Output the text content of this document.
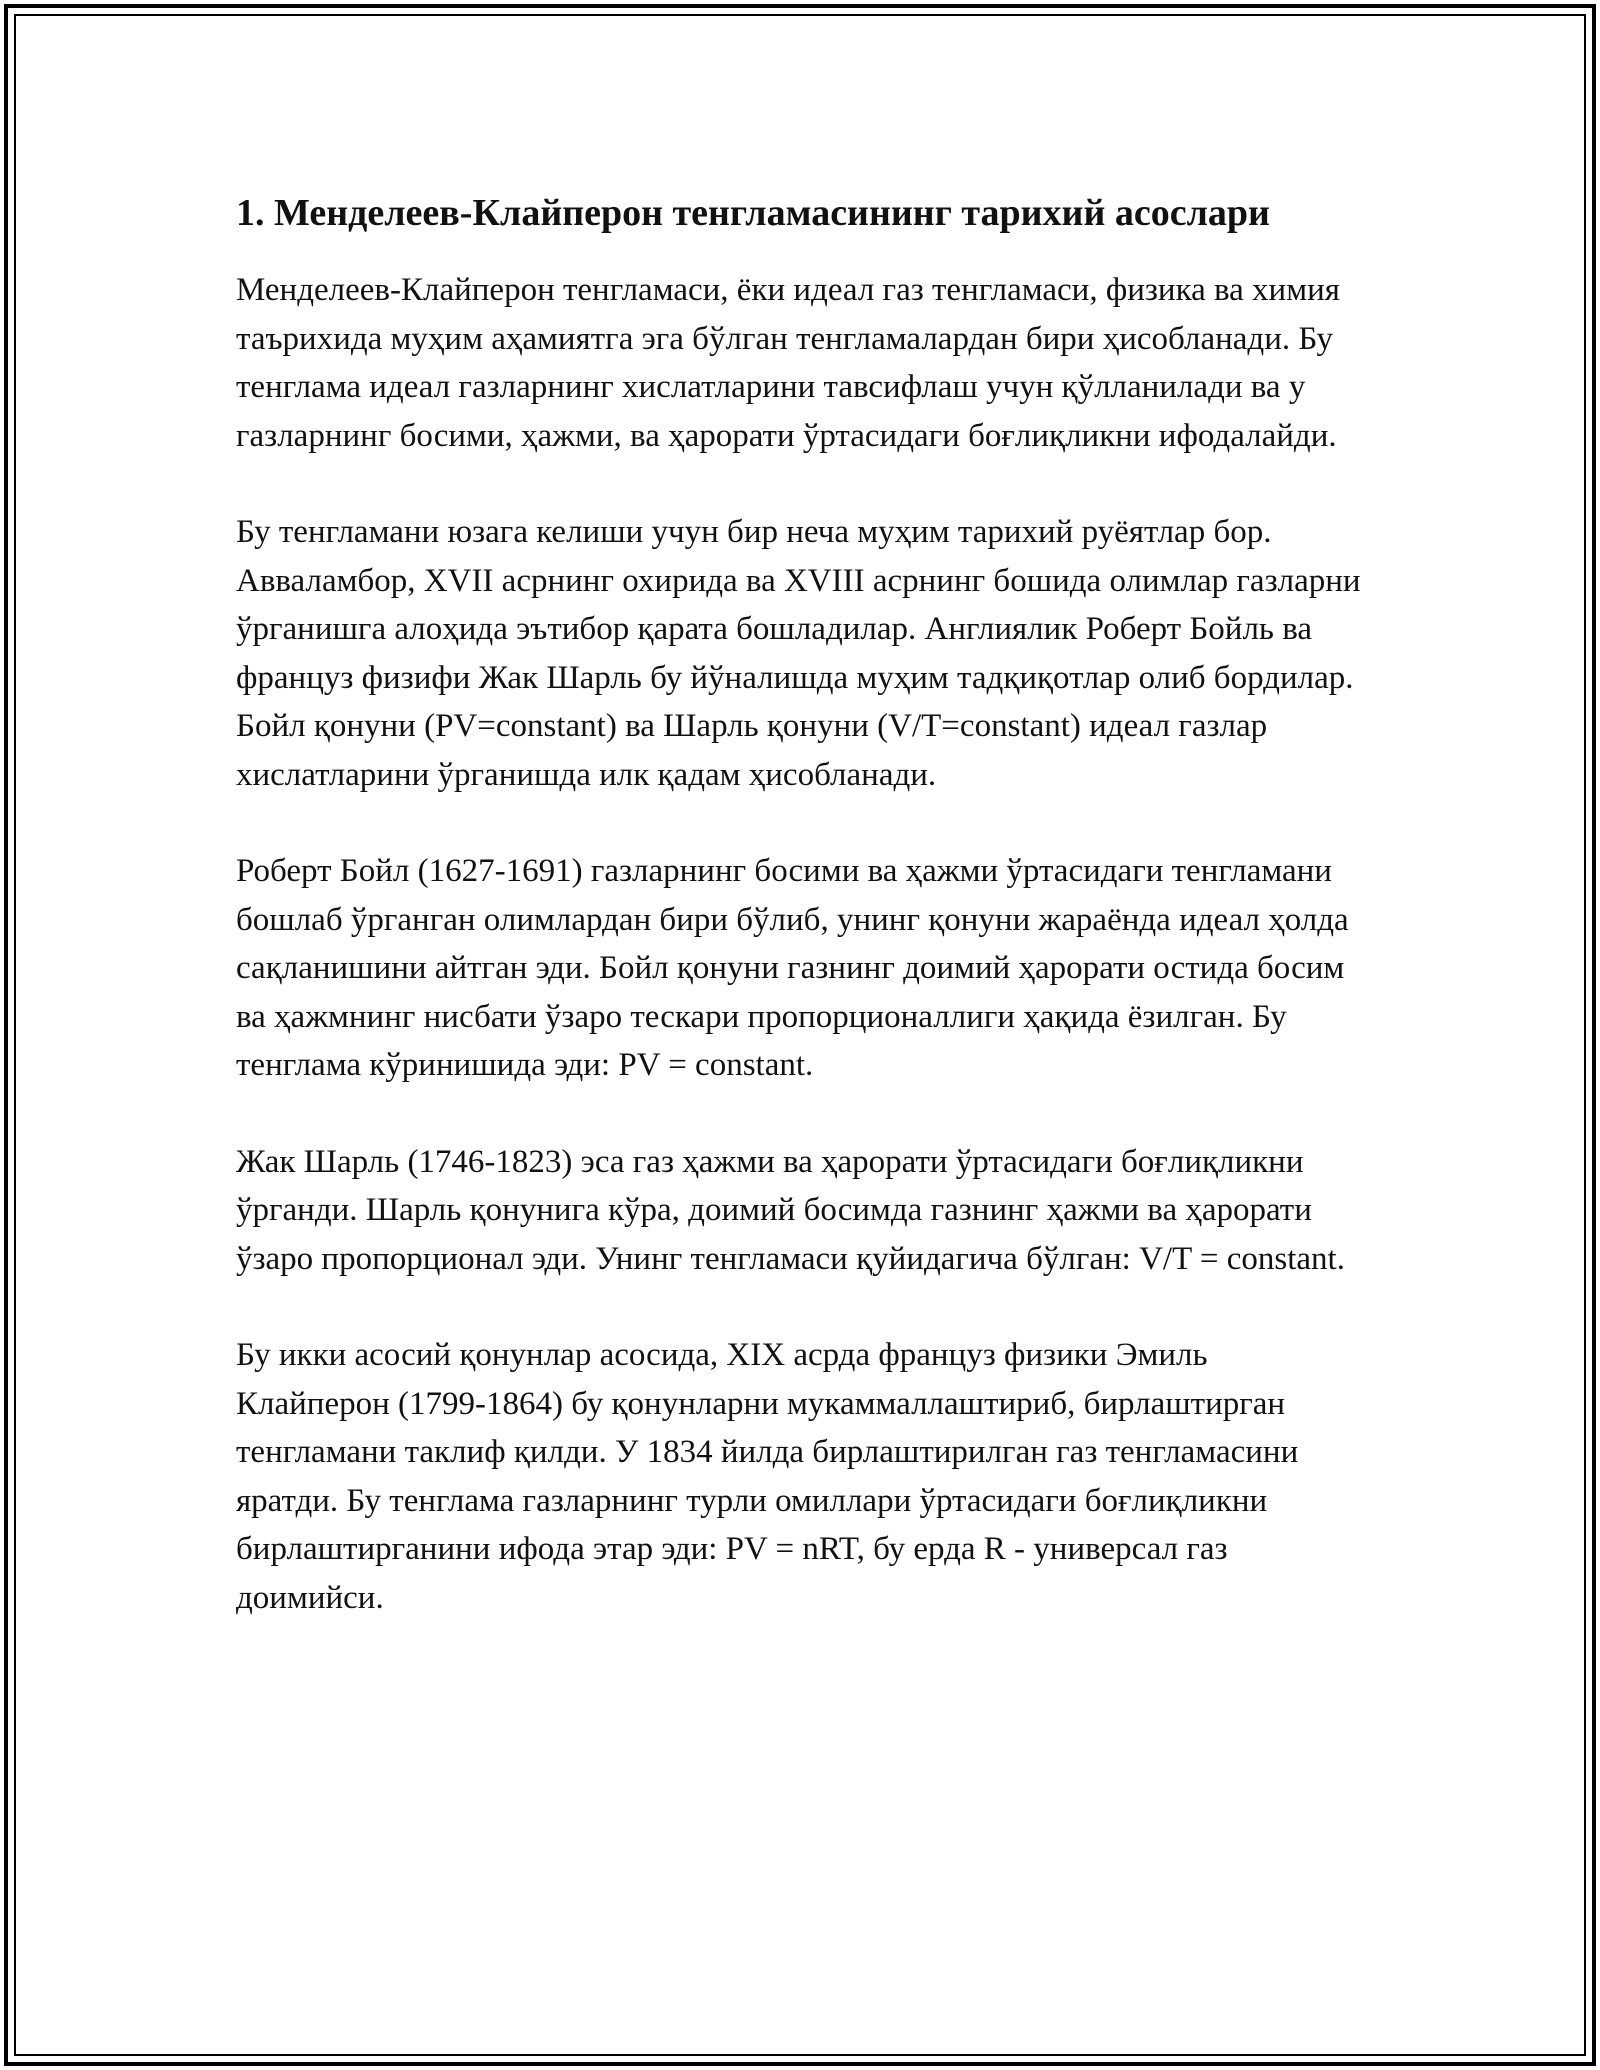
1. Менделеев-Клайперон тенгламасининг тарихий асослари

Менделеев-Клайперон тенгламаси, ёки идеал газ тенгламаси, физика ва химия таърихида муҳим аҳамиятга эга бўлган тенгламалардан бири ҳисобланади. Бу тенглама идеал газларнинг хислатларини тавсифлаш учун қўлланилади ва у газларнинг босими, ҳажми, ва ҳарорати ўртасидаги боғлиқликни ифодалайди.

Бу тенгламани юзага келиши учун бир неча муҳим тарихий руёятлар бор. Авваламбор, XVII асрнинг охирида ва XVIII асрнинг бошида олимлар газларни ўрганишга алоҳида эътибор қарата бошладилар. Англиялик Роберт Бойль ва француз физифи Жак Шарль бу йўналишда муҳим тадқиқотлар олиб бордилар. Бойл қонуни (PV=constant) ва Шарль қонуни (V/T=constant) идеал газлар хислатларини ўрганишда илк қадам ҳисобланади.

Роберт Бойл (1627-1691) газларнинг босими ва ҳажми ўртасидаги тенгламани бошлаб ўрганган олимлардан бири бўлиб, унинг қонуни жараёнда идеал ҳолда сақланишини айтган эди. Бойл қонуни газнинг доимий ҳарорати остида босим ва ҳажмнинг нисбати ўзаро тескари пропорционаллиги ҳақида ёзилган. Бу тенглама кўринишида эди: PV = constant.

Жак Шарль (1746-1823) эса газ ҳажми ва ҳарорати ўртасидаги боғлиқликни ўрганди. Шарль қонунига кўра, доимий босимда газнинг ҳажми ва ҳарорати ўзаро пропорционал эди. Унинг тенгламаси қуйидагича бўлган: V/T = constant.

Бу икки асосий қонунлар асосида, XIX асрда француз физики Эмиль Клайперон (1799-1864) бу қонунларни мукаммаллаштириб, бирлаштирган тенгламани таклиф қилди. У 1834 йилда бирлаштирилган газ тенгламасини яратди. Бу тенглама газларнинг турли омиллари ўртасидаги боғлиқликни бирлаштирганини ифода этар эди: PV = nRT, бу ерда R - универсал газ доимийси.
